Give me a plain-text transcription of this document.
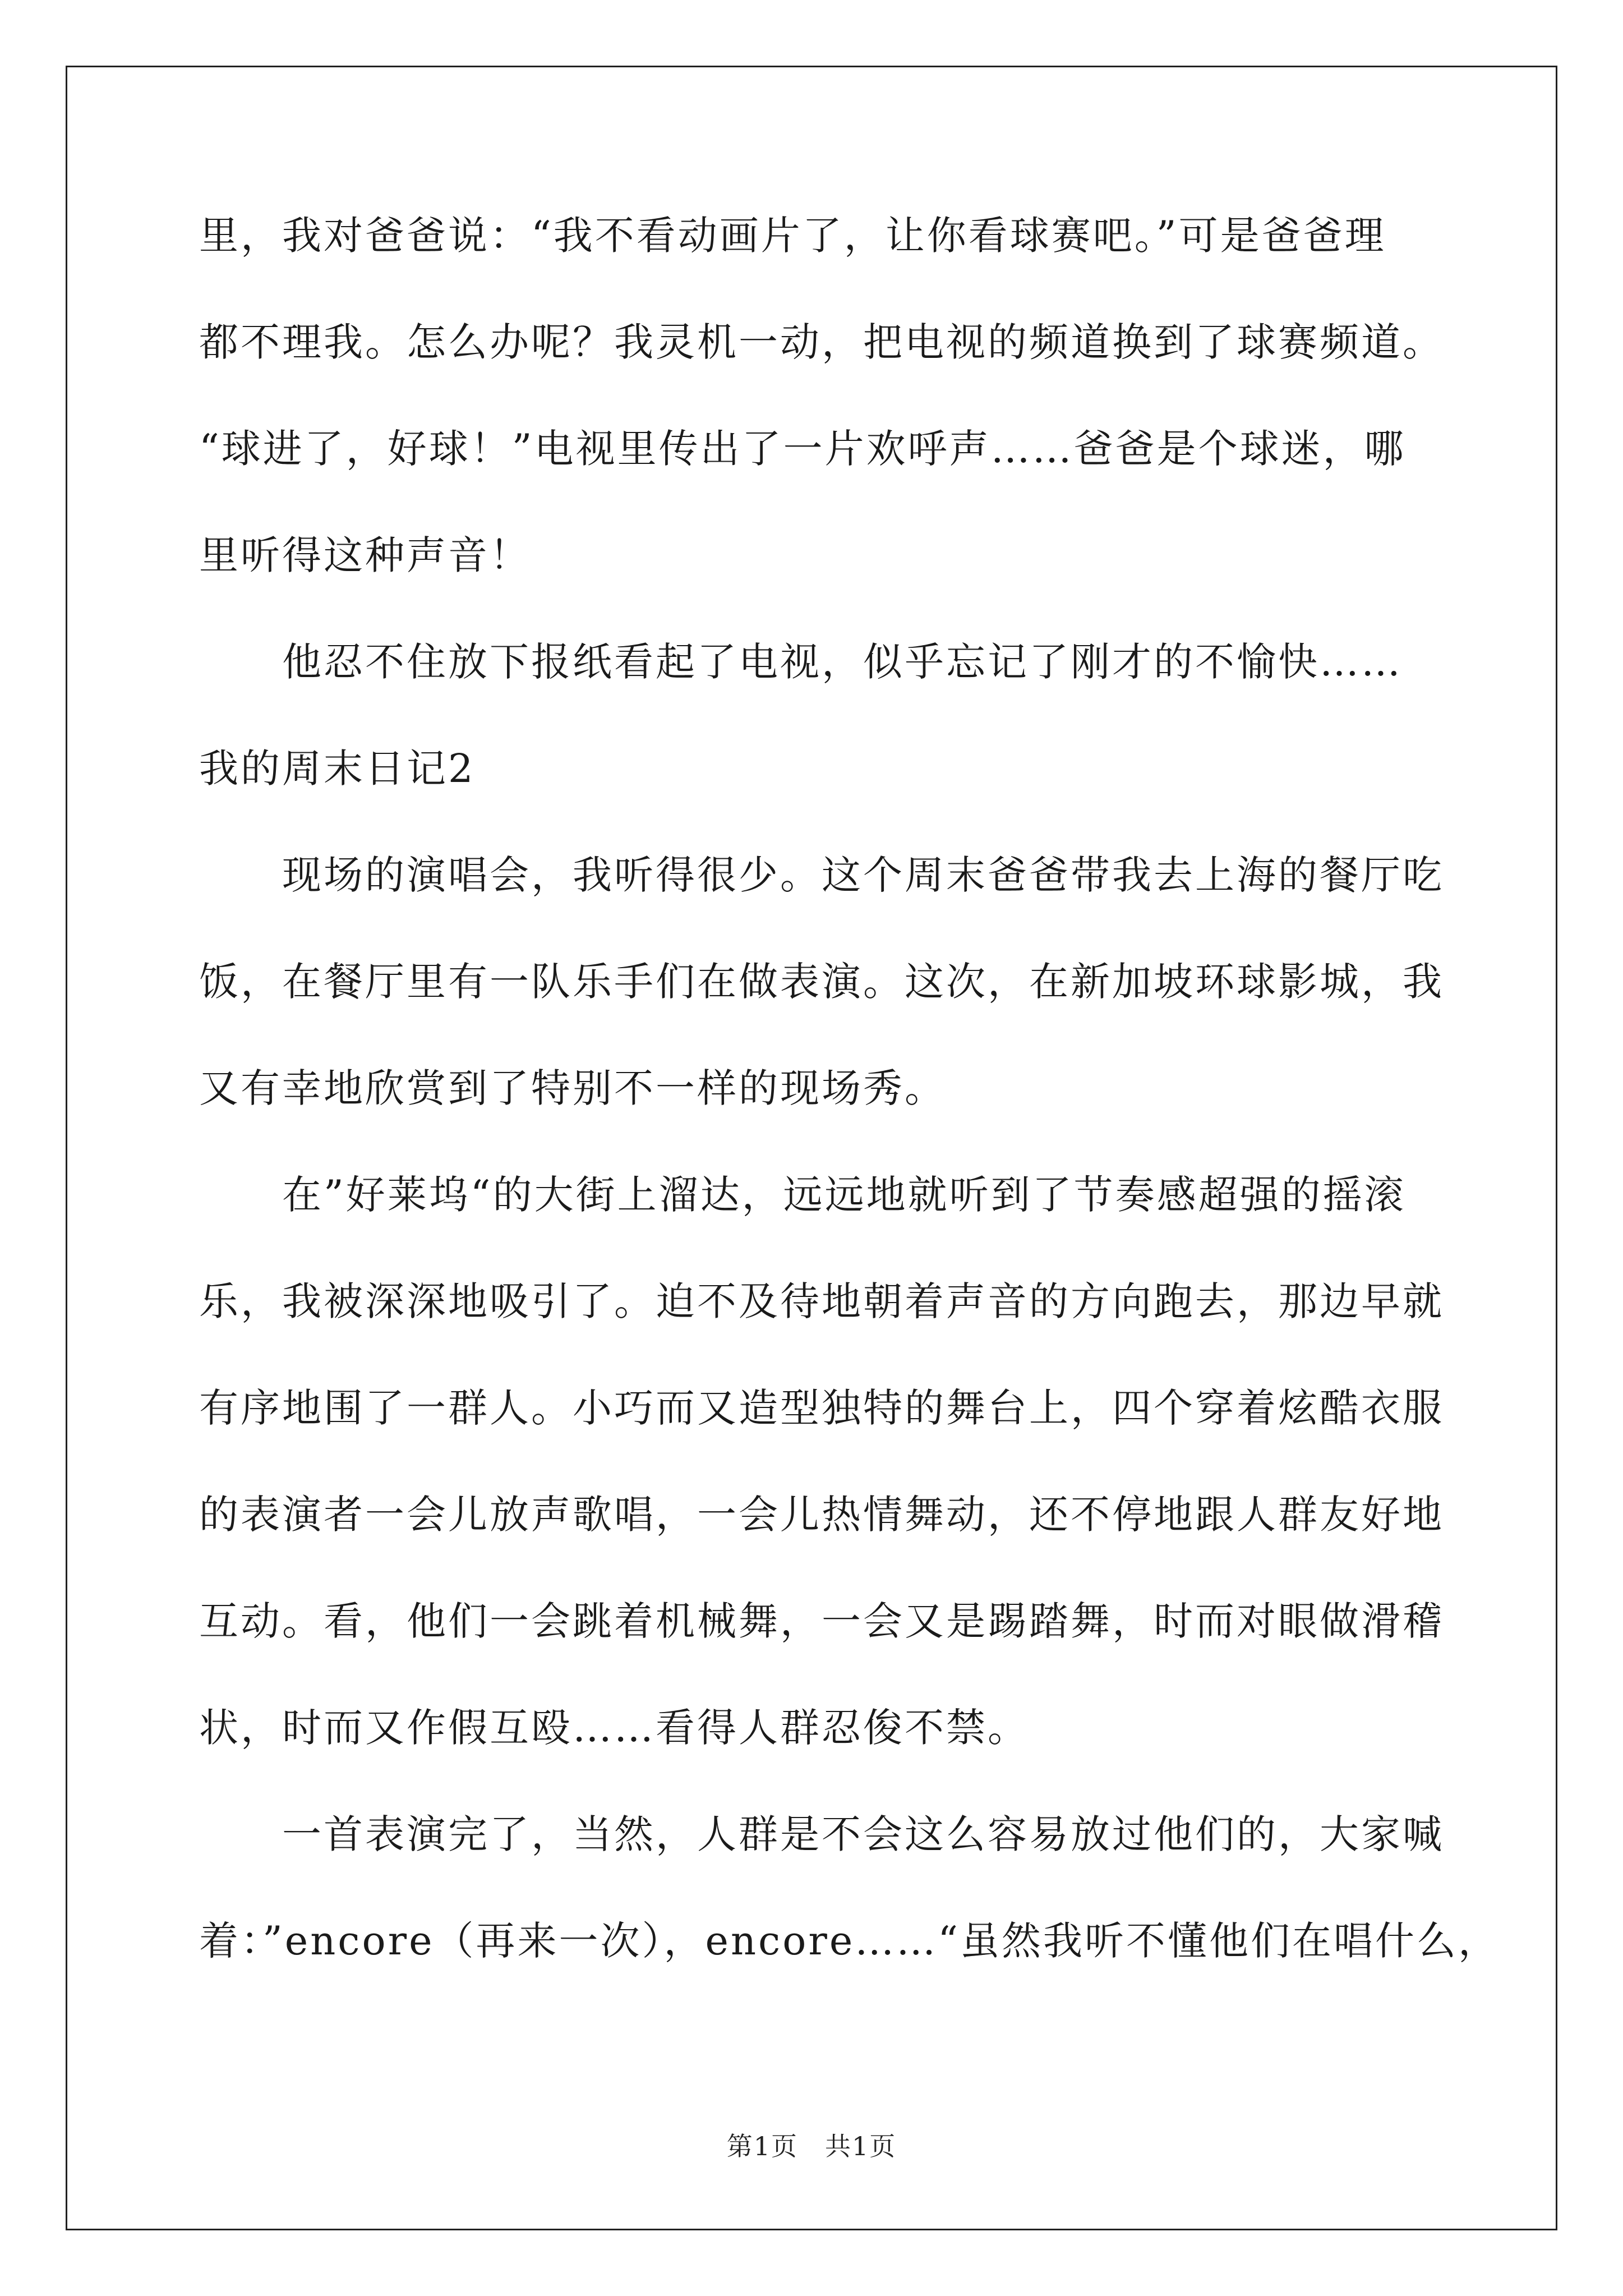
里，我对爸爸说：“我不看动画片了，让你看球赛吧。”可是爸爸理
都不理我。怎么办呢？我灵机一动，把电视的频道换到了球赛频道。
“球进了，好球！”电视里传出了一片欢呼声……爸爸是个球迷，哪
里听得这种声音！
他忍不住放下报纸看起了电视，似乎忘记了刚才的不愉快……
我的周末日记2
现场的演唱会，我听得很少。这个周末爸爸带我去上海的餐厅吃
饭，在餐厅里有一队乐手们在做表演。这次，在新加坡环球影城，我
又有幸地欣赏到了特别不一样的现场秀。
在”好莱坞“的大街上溜达，远远地就听到了节奏感超强的摇滚
乐，我被深深地吸引了。迫不及待地朝着声音的方向跑去，那边早就
有序地围了一群人。小巧而又造型独特的舞台上，四个穿着炫酷衣服
的表演者一会儿放声歌唱，一会儿热情舞动，还不停地跟人群友好地
互动。看，他们一会跳着机械舞，一会又是踢踏舞，时而对眼做滑稽
状，时而又作假互殴……看得人群忍俊不禁。
一首表演完了，当然，人群是不会这么容易放过他们的，大家喊
着：”encore（再来一次），encore……“虽然我听不懂他们在唱什么，
第1页　共1页
